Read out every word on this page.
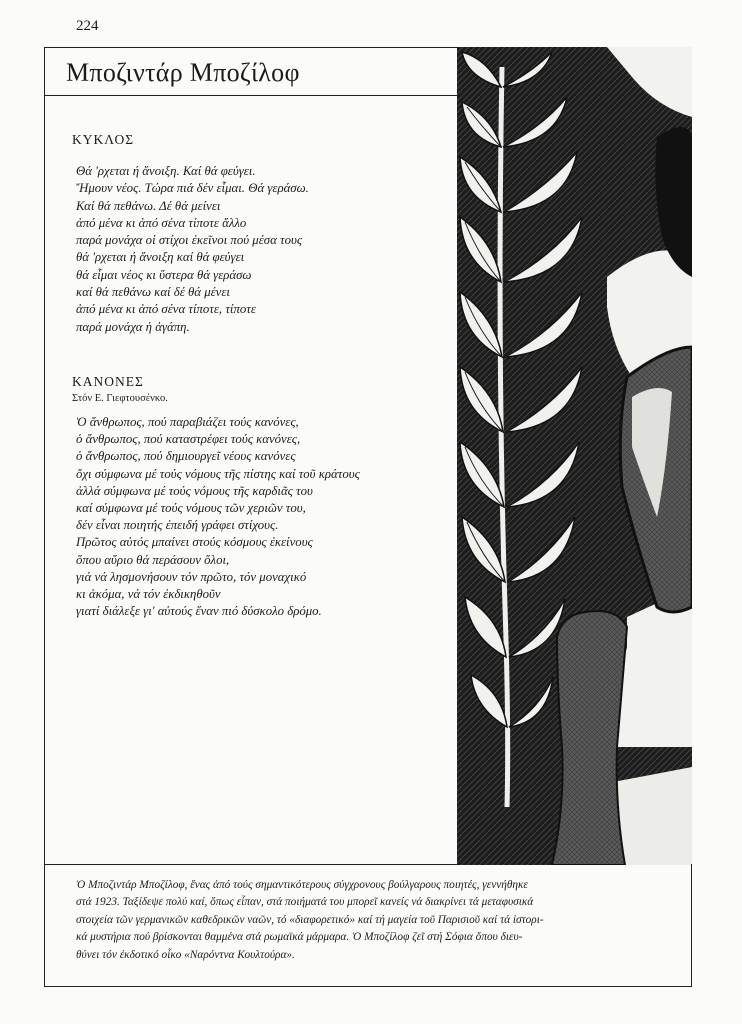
224
Μποζιντάρ Μποζίλοφ
ΚΥΚΛΟΣ
Θά 'ρχεται ή ἄνοιξη. Καί θά φεύγει.
Ἤμουν νέος. Τώρα πιά δέν εἶμαι. Θά γεράσω.
Καί θά πεθάνω. Δέ θά μείνει
ἀπό μένα κι ἀπό σένα τίποτε ἄλλο
παρά μονάχα οἱ στίχοι ἐκεῖνοι πού μέσα τους
θά 'ρχεται ή ἄνοιξη καί θά φεύγει
θά εἶμαι νέος κι ὕστερα θά γεράσω
καί θά πεθάνω καί δέ θά μένει
ἀπό μένα κι ἀπό σένα τίποτε, τίποτε
παρά μονάχα ἡ ἀγάπη.
ΚΑΝΟΝΕΣ
Στόν Ε. Γιεφτουσένκο.
Ὁ ἄνθρωπος, πού παραβιάζει τούς κανόνες,
ὁ ἄνθρωπος, πού καταστρέφει τούς κανόνες,
ὁ ἄνθρωπος, πού δημιουργεῖ νέους κανόνες
ὄχι σύμφωνα μέ τούς νόμους τῆς πίστης καί τοῦ κράτους
ἀλλά σύμφωνα μέ τούς νόμους τῆς καρδιᾶς του
καί σύμφωνα μέ τούς νόμους τῶν χεριῶν του,
δέν εἶναι ποιητής ἐπειδή γράφει στίχους.
Πρῶτος αὐτός μπαίνει στούς κόσμους ἐκείνους
ὅπου αὔριο θά περάσουν ὅλοι,
γιά νά λησμονήσουν τόν πρῶτο, τόν μοναχικό
κι ἀκόμα, νά τόν ἐκδικηθοῦν
γιατί διάλεξε γι' αὐτούς ἕναν πιό δύσκολο δρόμο.
Ὁ Μποζιντάρ Μποζίλοφ, ἕνας ἀπό τούς σημαντικότερους σύγχρονους βούλγαρους ποιητές, γεννήθηκε
στά 1923. Ταξίδεψε πολύ καί, ὅπως εἶπαν, στά ποιήματά του μπορεῖ κανείς νά διακρίνει τά μεταφυσικά
στοιχεία τῶν γερμανικῶν καθεδρικῶν ναῶν, τό «διαφορετικό» καί τή μαγεία τοῦ Παρισιοῦ καί τά ἱστορι-
κά μυστήρια πού βρίσκονται θαμμένα στά ρωμαϊκά μάρμαρα. Ὁ Μποζίλοφ ζεῖ στή Σόφια ὅπου διευ-
θύνει τόν ἐκδοτικό οἶκο «Ναρόντνα Κουλτούρα».
